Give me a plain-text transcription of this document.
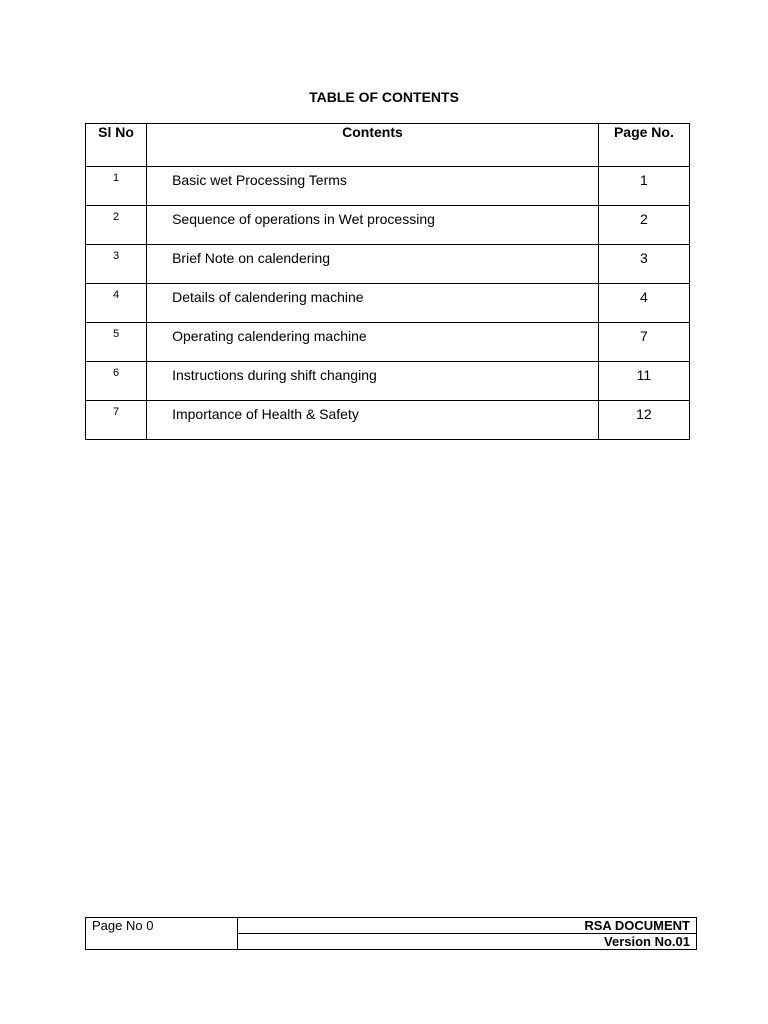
TABLE OF CONTENTS
Sl No	Contents	Page No.

1	Basic wet Processing Terms	1
2	Sequence of operations in Wet processing	2
3	Brief Note on calendering	3
4	Details of calendering machine	4
5	Operating calendering machine	7
6	Instructions during shift changing	11
7	Importance of Health & Safety	12
Page No 0	RSA DOCUMENT
Version No.01
